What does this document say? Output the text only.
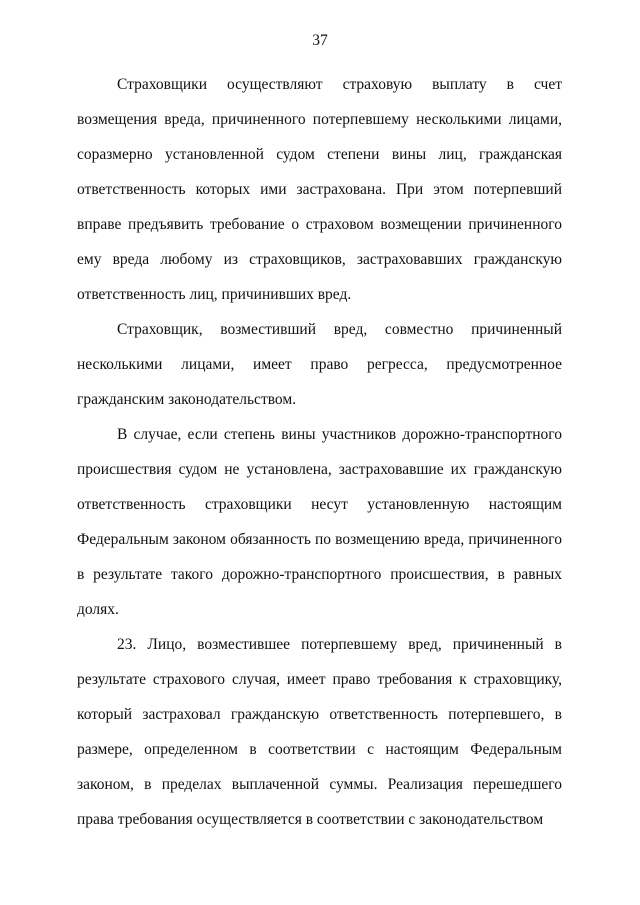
37

Страховщики осуществляют страховую выплату в счет возмещения вреда, причиненного потерпевшему несколькими лицами, соразмерно установленной судом степени вины лиц, гражданская ответственность которых ими застрахована. При этом потерпевший вправе предъявить требование о страховом возмещении причиненного ему вреда любому из страховщиков, застраховавших гражданскую ответственность лиц, причинивших вред.

Страховщик, возместивший вред, совместно причиненный несколькими лицами, имеет право регресса, предусмотренное гражданским законодательством.

В случае, если степень вины участников дорожно-транспортного происшествия судом не установлена, застраховавшие их гражданскую ответственность страховщики несут установленную настоящим Федеральным законом обязанность по возмещению вреда, причиненного в результате такого дорожно-транспортного происшествия, в равных долях.

23. Лицо, возместившее потерпевшему вред, причиненный в результате страхового случая, имеет право требования к страховщику, который застраховал гражданскую ответственность потерпевшего, в размере, определенном в соответствии с настоящим Федеральным законом, в пределах выплаченной суммы. Реализация перешедшего права требования осуществляется в соответствии с законодательством
